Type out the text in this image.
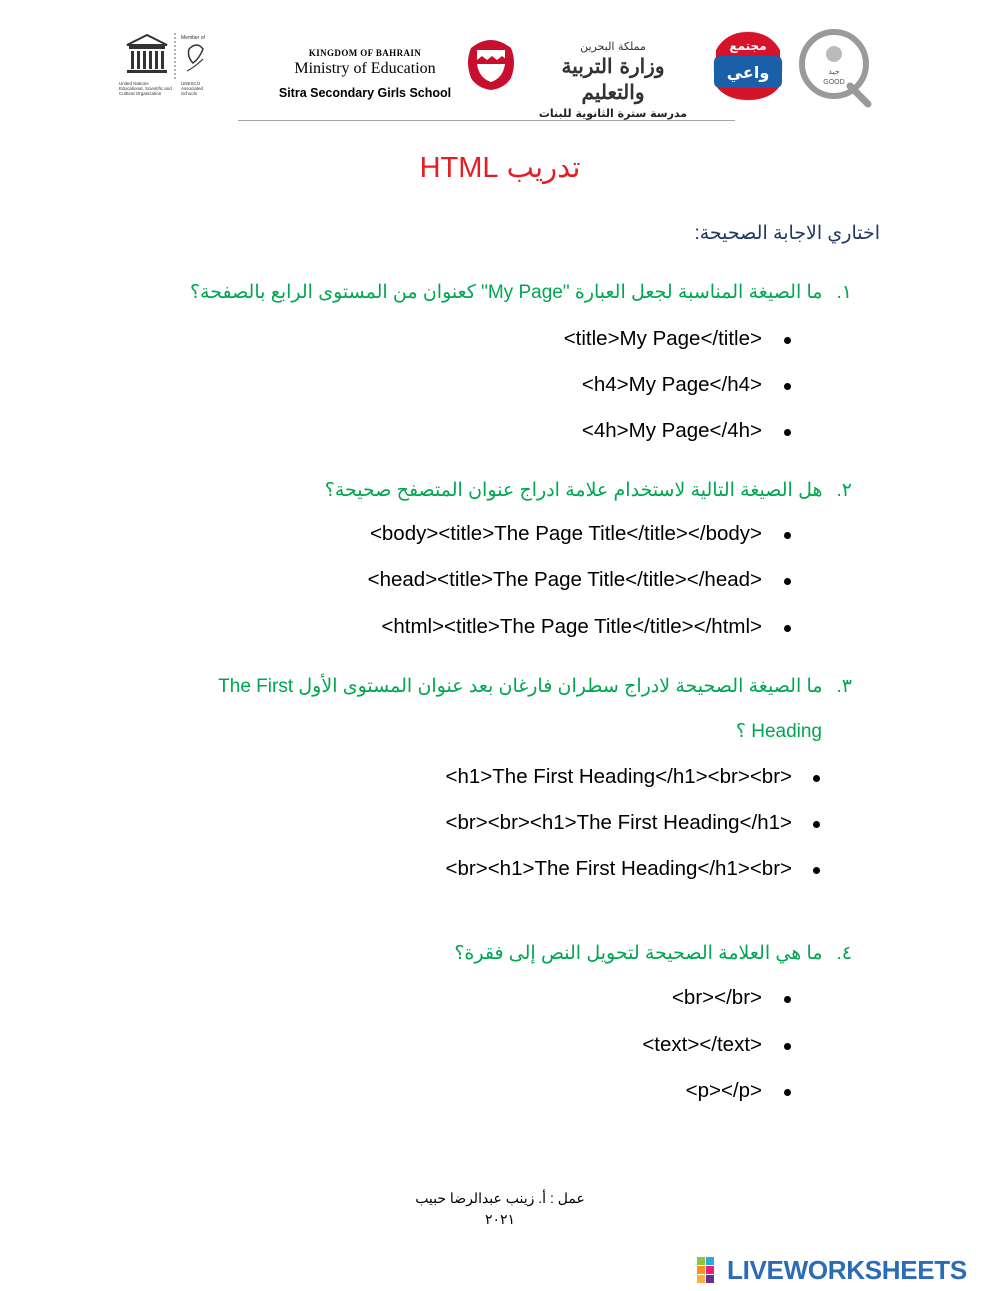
Member of
United Nations
Educational, Scientific and
Cultural Organization
UNESCO
Associated
Schools
KINGDOM OF BAHRAIN
Ministry of Education
Sitra Secondary Girls School
مملكة البحرين
وزارة التربية والتعليم
مدرسة سترة الثانوية للبنات
مجتمع
واعي	جيد
GOOD
تدريب HTML
اختاري الاجابة الصحيحة:
١.ما الصيغة المناسبة لجعل العبارة "My Page" كعنوان من المستوى الرابع بالصفحة؟
<title>My Page</title>
<h4>My Page</h4>
<4h>My Page</4h>
٢.هل الصيغة التالية لاستخدام علامة ادراج عنوان المتصفح صحيحة؟
<body><title>The Page Title</title></body>
<head><title>The Page Title</title></head>
<html><title>The Page Title</title></html>
٣.ما الصيغة الصحيحة لادراج سطران فارغان بعد عنوان المستوى الأول The First
Heading ؟
<h1>The First Heading</h1><br><br>
<br><br><h1>The First Heading</h1>
<br><h1>The First Heading</h1><br>
٤.ما هي العلامة الصحيحة لتحويل النص إلى فقرة؟
<br></br>
<text></text>
<p></p>
عمل : أ. زينب عبدالرضا حبيب
٢٠٢١
LIVEWORKSHEETS
